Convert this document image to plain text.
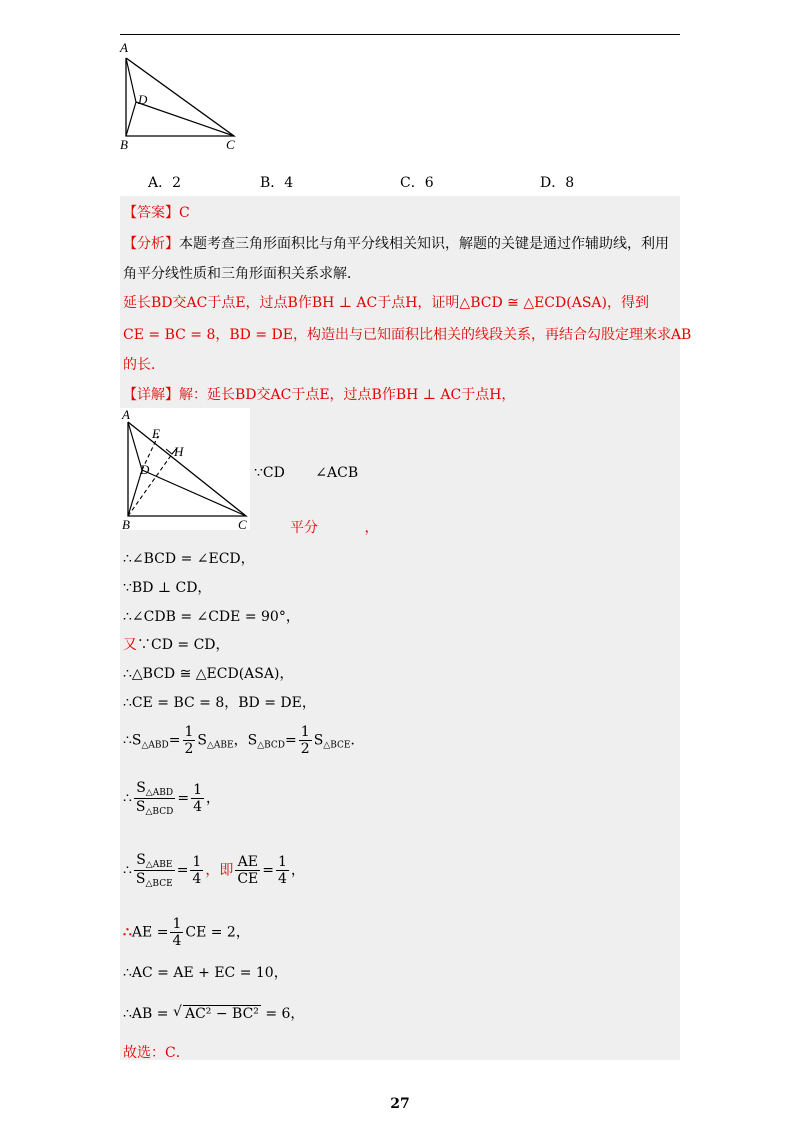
A
B	C
D
A．2	B．4	C．6	D．8
【答案】C
【分析】本题考查三角形面积比与角平分线相关知识，解题的关键是通过作辅助线，利用
角平分线性质和三角形面积关系求解．
延长BD交AC于点E，过点B作BH ⊥ AC于点H，证明△BCD ≅ △ECD(ASA)，得到
CE = BC = 8，BD = DE，构造出与已知面积比相关的线段关系，再结合勾股定理来求AB
的长．
【详解】解：延长BD交AC于点E，过点B作BH ⊥ AC于点H，
A
B	C
D
E
H
∵CD ∠ACB
平分	，
∴∠BCD = ∠ECD，
∵BD ⊥ CD，
∴∠CDB = ∠CDE = 90°，
又∵CD = CD，
∴△BCD ≅ △ECD(ASA)，
∴CE = BC = 8，BD = DE，
$\therefore S_{\triangle ABD}= \frac{1}{2} S_{\triangle ABE}$，$S_{\triangle BCD}= \frac{1}{2} S_{\triangle BCE}$．
∴ $\frac{S_{\triangle ABD}}{S_{\triangle BCD}} = \frac{1}{4}$ ，
∴ $\frac{S_{\triangle ABE}}{S_{\triangle BCE}} = \frac{1}{4}$ ，即 $\frac{AE}{CE} = \frac{1}{4}$ ，
∴AE = $\frac{1}{4}$ CE = 2，
∴AC = AE + EC = 10，
∴AB = √ AC² − BC² = 6，
故选：C．
27
